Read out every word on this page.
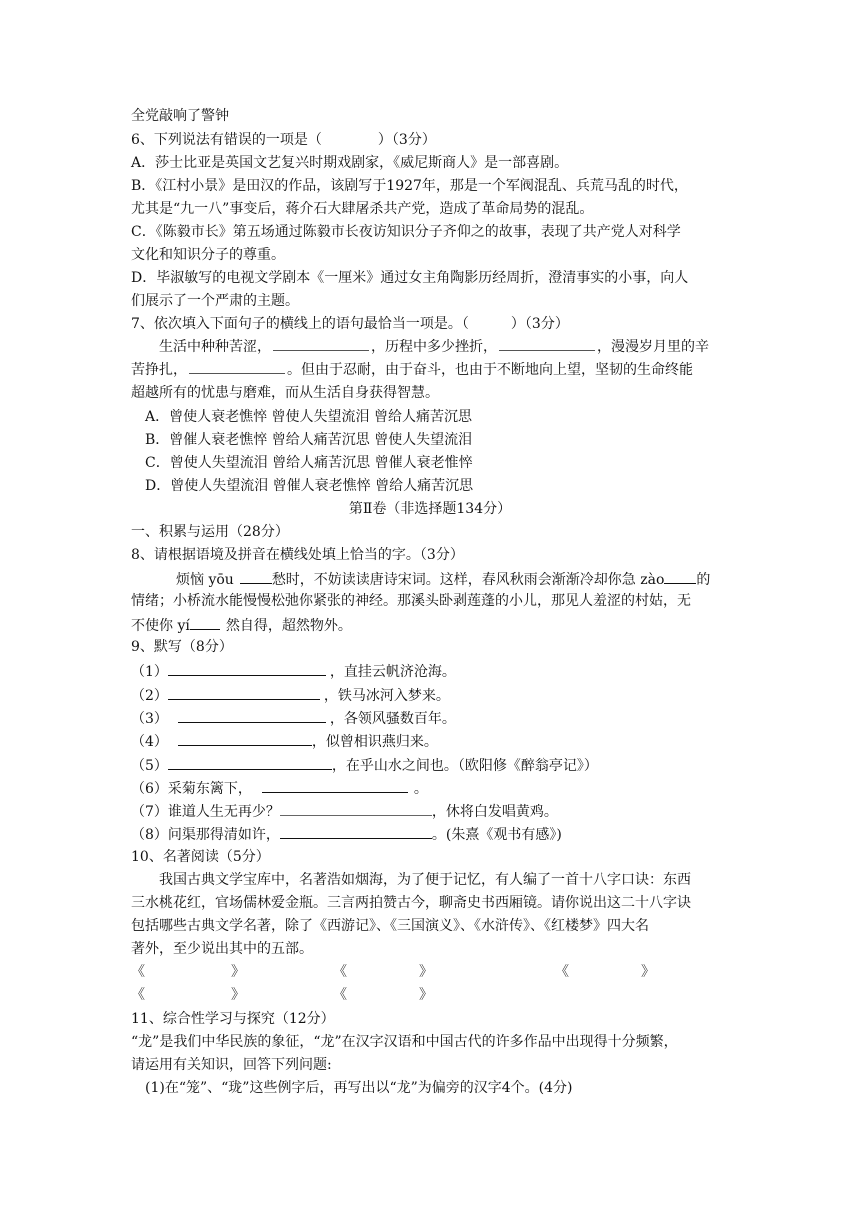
全党敲响了警钟
6、下列说法有错误的一项是（　　　　）（3分）
A．莎士比亚是英国文艺复兴时期戏剧家，《威尼斯商人》是一部喜剧。
B．《江村小景》是田汉的作品，该剧写于1927年，那是一个军阀混乱、兵荒马乱的时代，
尤其是“九一八”事变后，蒋介石大肆屠杀共产党，造成了革命局势的混乱。
C．《陈毅市长》第五场通过陈毅市长夜访知识分子齐仰之的故事，表现了共产党人对科学
文化和知识分子的尊重。
D．毕淑敏写的电视文学剧本《一厘米》通过女主角陶影历经周折，澄清事实的小事，向人
们展示了一个严肃的主题。
7、依次填入下面句子的横线上的语句最恰当一项是。（　　　）（3分）
生活中种种苦涩，	，历程中多少挫折，	，漫漫岁月里的辛
苦挣扎，	。但由于忍耐，由于奋斗，也由于不断地向上望，坚韧的生命终能
超越所有的忧患与磨难，而从生活自身获得智慧。
A．曾使人衰老憔悴 曾使人失望流泪 曾给人痛苦沉思
B．曾催人衰老憔悴 曾给人痛苦沉思 曾使人失望流泪
C．曾使人失望流泪 曾给人痛苦沉思 曾催人衰老惟悴
D．曾使人失望流泪 曾催人衰老憔悴 曾给人痛苦沉思
第Ⅱ卷（非选择题134分）
一、积累与运用（28分）
8、请根据语境及拼音在横线处填上恰当的字。（3分）
烦恼 yōu	愁时，不妨读读唐诗宋词。这样，春风秋雨会渐渐冷却你急 zào 的
情绪；小桥流水能慢慢松弛你紧张的神经。那溪头卧剥莲蓬的小儿，那见人羞涩的村姑，无
不使你 yí	然自得，超然物外。
9、默写（8分）
（1）	，直挂云帆济沧海。
（2）	，铁马冰河入梦来。
（3）	，各领风骚数百年。
（4）	，似曾相识燕归来。
（5）	，在乎山水之间也。（欧阳修《醉翁亭记》）
（6）采菊东篱下，	。
（7）谁道人生无再少？	，休将白发唱黄鸡。
（8）问渠那得清如许，	。(朱熹《观书有感》)
10、名著阅读（5分）
我国古典文学宝库中，名著浩如烟海，为了便于记忆，有人编了一首十八字口诀：东西
三水桃花红，官场儒林爱金瓶。三言两拍赞古今，聊斋史书西厢镜。请你说出这二十八字诀
包括哪些古典文学名著，除了《西游记》、《三国演义》、《水浒传》、《红楼梦》四大名
著外，至少说出其中的五部。
《	》	《	》	《	》
《	》	《	》
11、综合性学习与探究（12分）
“龙”是我们中华民族的象征，“龙”在汉字汉语和中国古代的许多作品中出现得十分频繁，
请运用有关知识，回答下列问题:
(1)在“笼”、“珑”这些例字后，再写出以“龙”为偏旁的汉字4个。(4分)
